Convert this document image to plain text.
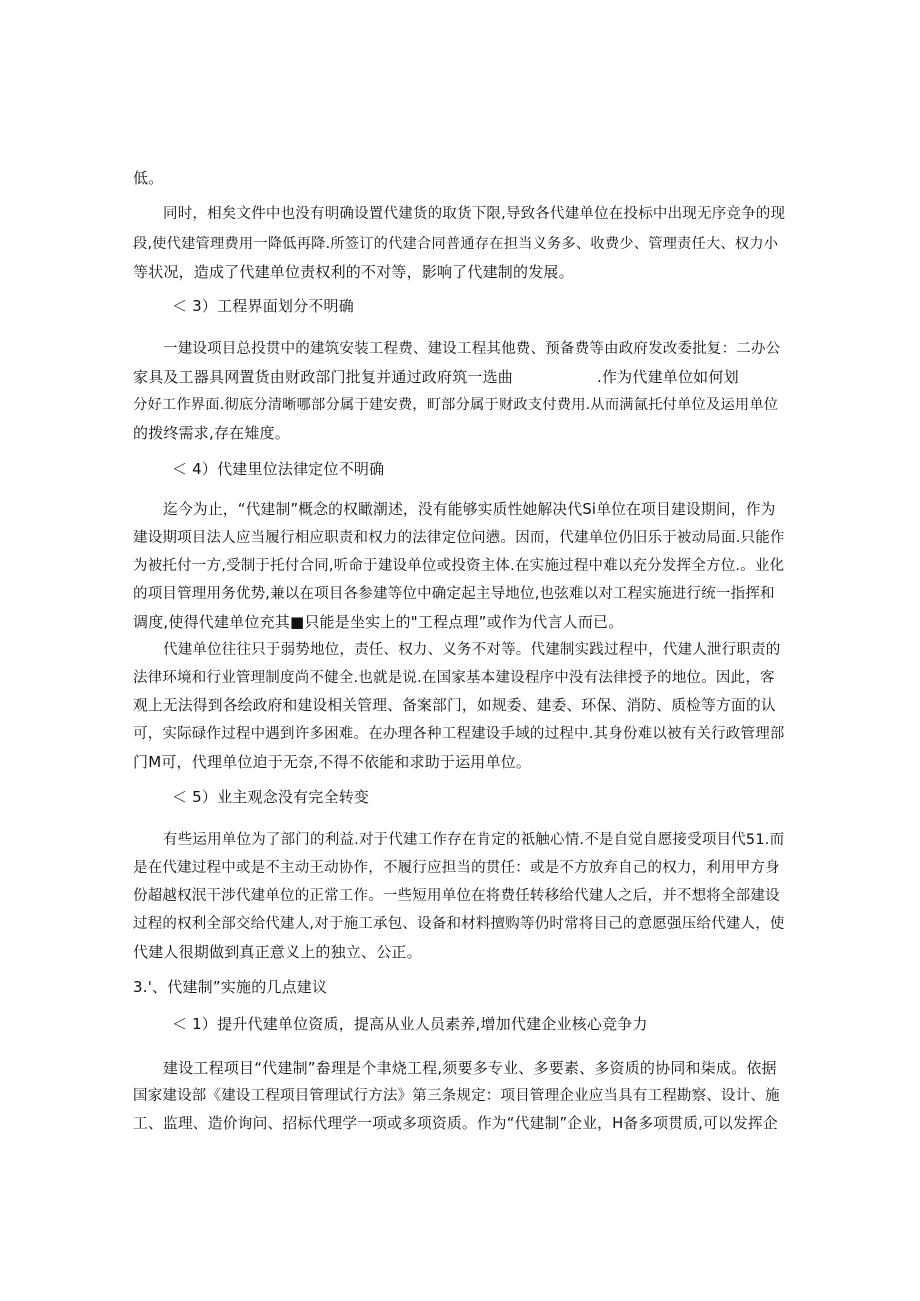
低。
同时，相矣文件中也没有明确设置代建货的取货下限,导致各代建单位在投标中出现无序竞争的现
段,使代建管理费用一降低再降.所签订的代建合同普通存在担当义务多、收费少、管理责任大、权力小
等状况，造成了代建单位责权利的不对等，影响了代建制的发展。
＜ 3）工程界面划分不明确
一建设项目总投贯中的建筑安装工程费、建设工程其他费、预备费等由政府发改委批复：二办公
家具及工器具网置货由财政部门批复并通过政府筑一选曲	.作为代建单位如何划
分好工作界面.彻底分清晰哪部分属于建安费，町部分属于财政支付费用.从而满氤托付单位及运用单位
的拨终需求,存在雉度。
＜ 4）代建里位法律定位不明确
迄今为止，“代建制”概念的权瞰潮述，没有能够实质性她解决代Si单位在项目建设期间，作为
建设期项目法人应当履行相应职责和权力的法律定位问懑。因而，代建单位仍旧乐于被动局面.只能作
为被托付一方,受制于托付合同,听命于建设单位或投资主体.在实施过程中难以充分发挥全方位.。业化
的项目管理用务优势,兼以在项目各参建等位中确定起主导地位,也弦难以对工程实施进行统一指挥和
调度,使得代建单位充其■只能是坐实上的"工程点理”或作为代言人而已。
代建单位往往只于弱势地位，责任、权力、义务不对等。代建制实践过程中，代建人泄行职责的
法律环境和行业管理制度尚不健全.也就是说.在国家基本建设程序中没有法律授予的地位。因此，客
观上无法得到各绘政府和建设相关管理、备案部门，如规委、建委、环保、消防、质检等方面的认
可，实际碌作过程中遇到许多困难。在办理各种工程建设手域的过程中.其身份难以被有关行政管理部
门M可，代理单位迫于无奈,不得不依能和求助于运用单位。
＜ 5）业主观念没有完全转变
有些运用单位为了部门的利益.对于代建工作存在肯定的祇触心情.不是自觉自愿接受项目代51.而
是在代建过程中或是不主动王动协作，不履行应担当的贯任：或是不方放弃自己的权力，利用甲方身
份超越权泯干涉代建单位的正常工作。一些短用单位在将费任转移给代建人之后，并不想将全部建设
过程的权利全部交给代建人,对于施工承包、设备和材料擅购等仍时常将目己的意愿强压给代建人，使
代建人很期做到真正意义上的独立、公正。
3.'、代建制”实施的几点建议
＜ 1）提升代建单位资质，提高从业人员素养,增加代建企业核心竞争力
建设工程项目“代建制”畚理是个聿烧工程,须要多专业、多要素、多资质的协同和柒成。依据
国家建设部《建设工程项目管理试行方法》第三条规定：项目管理企业应当具有工程勘察、设计、施
工、监理、造价询问、招标代理学一项或多项资质。作为“代建制”企业，H备多项贯质,可以发挥企
